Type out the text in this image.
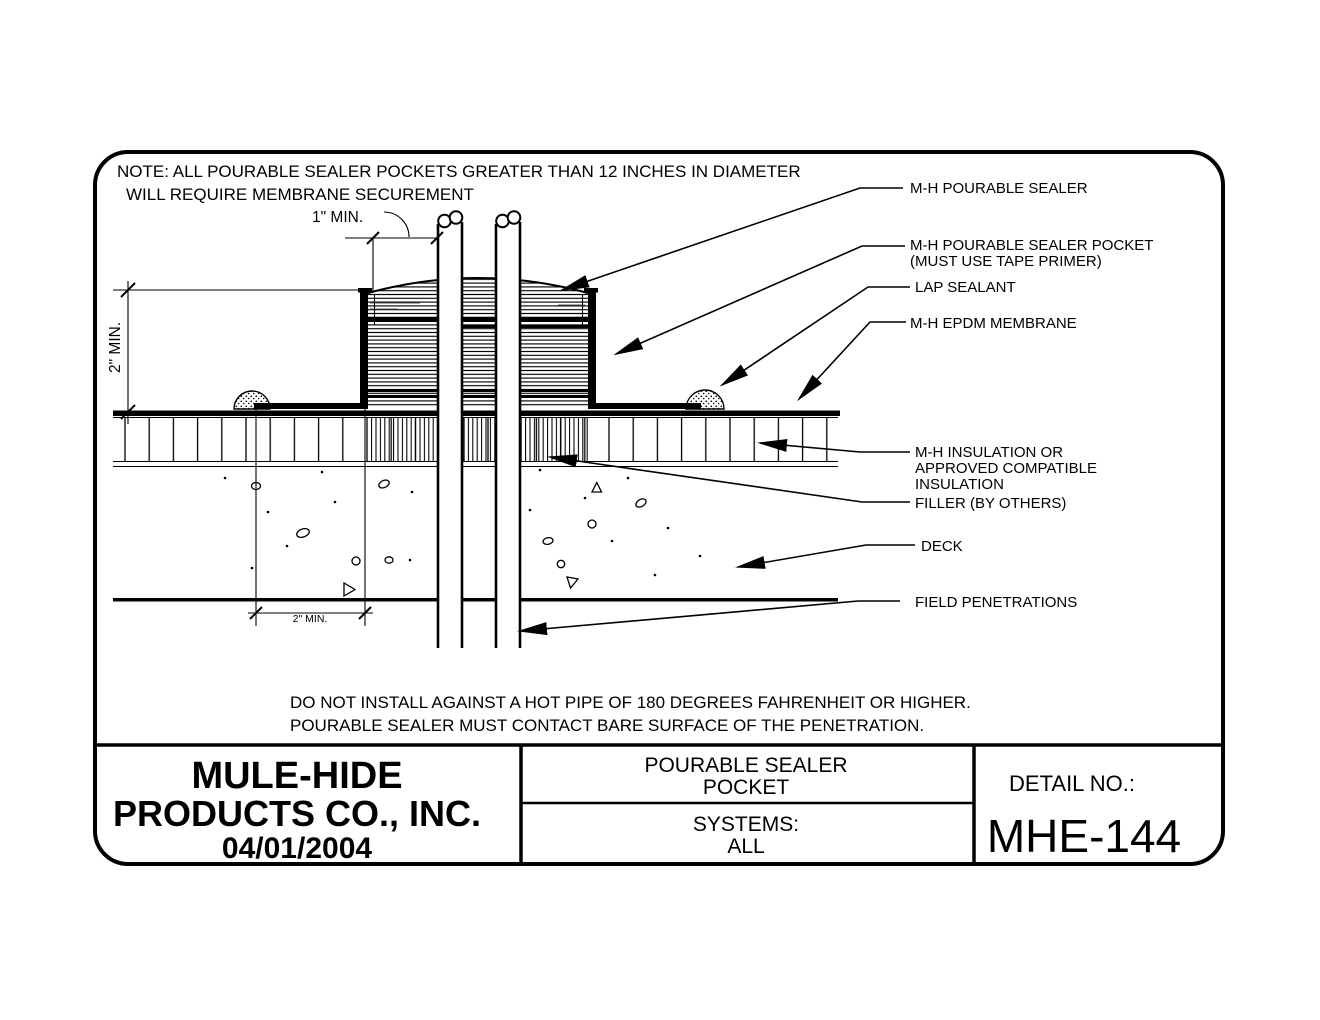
2" MIN.
1" MIN.
2" MIN.
M-H POURABLE SEALER
M-H POURABLE SEALER POCKET
(MUST USE TAPE PRIMER)
LAP SEALANT
M-H EPDM MEMBRANE
M-H INSULATION OR
APPROVED COMPATIBLE
INSULATION
FILLER (BY OTHERS)
DECK
FIELD PENETRATIONS
NOTE: ALL POURABLE SEALER POCKETS GREATER THAN 12 INCHES IN DIAMETER
WILL REQUIRE MEMBRANE SECUREMENT
DO NOT INSTALL AGAINST A HOT PIPE OF 180 DEGREES FAHRENHEIT OR HIGHER.
POURABLE SEALER MUST CONTACT BARE SURFACE OF THE PENETRATION.
MULE-HIDE
PRODUCTS CO., INC.
04/01/2004
POURABLE SEALER
POCKET
SYSTEMS:
ALL
DETAIL NO.:
MHE-144
